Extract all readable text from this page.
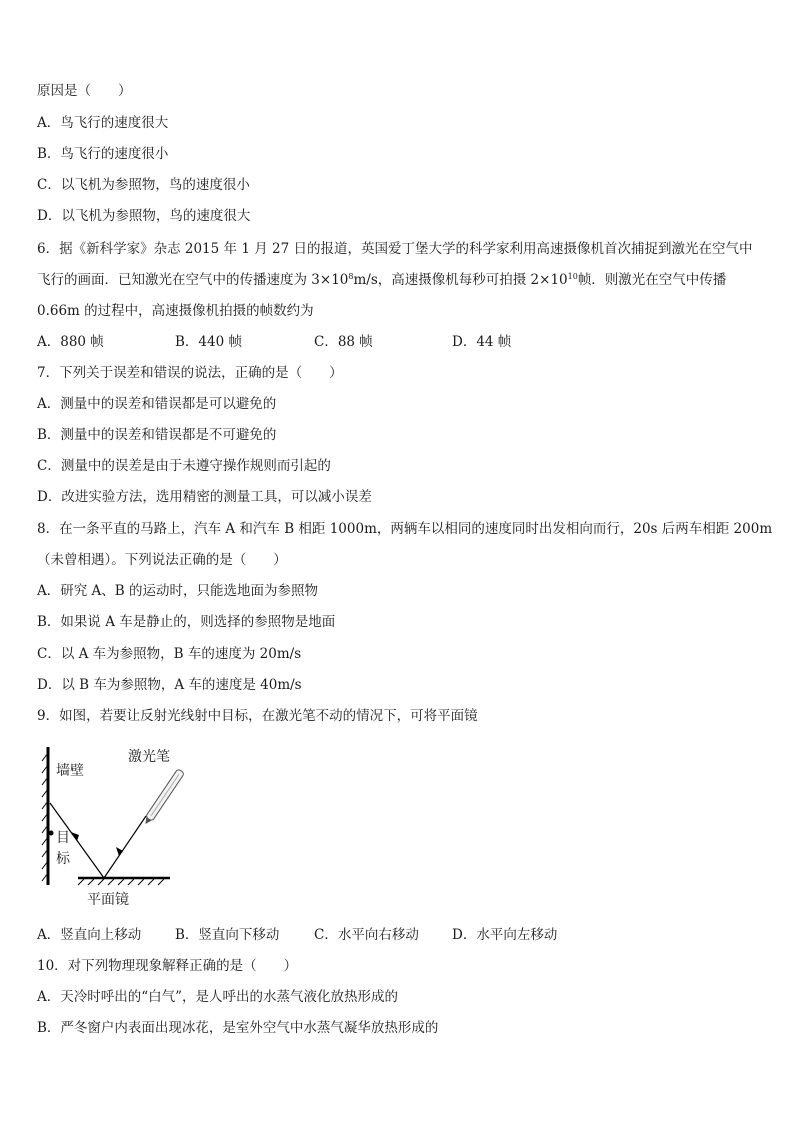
原因是（　　）
A．鸟飞行的速度很大
B．鸟飞行的速度很小
C．以飞机为参照物，鸟的速度很小
D．以飞机为参照物，鸟的速度很大
6．据《新科学家》杂志 2015 年 1 月 27 日的报道，英国爱丁堡大学的科学家利用高速摄像机首次捕捉到激光在空气中
飞行的画面．已知激光在空气中的传播速度为 $3\times 10^8m/s$，高速摄像机每秒可拍摄 $2\times 10^{10}$帧．则激光在空气中传播
0.66m 的过程中，高速摄像机拍摄的帧数约为
A．880 帧	B．440 帧	C．88 帧	D．44 帧
7．下列关于误差和错误的说法，正确的是（　　）
A．测量中的误差和错误都是可以避免的
B．测量中的误差和错误都是不可避免的
C．测量中的误差是由于未遵守操作规则而引起的
D．改进实验方法，选用精密的测量工具，可以减小误差
8．在一条平直的马路上，汽车 A 和汽车 B 相距 1000m，两辆车以相同的速度同时出发相向而行，20s 后两车相距 200m
（未曾相遇）。下列说法正确的是（　　）
A．研究 A、B 的运动时，只能选地面为参照物
B．如果说 A 车是静止的，则选择的参照物是地面
C．以 A 车为参照物，B 车的速度为 20m/s
D．以 B 车为参照物，A 车的速度是 40m/s
9．如图，若要让反射光线射中目标，在激光笔不动的情况下，可将平面镜
墙壁
激光笔
目
标
平面镜
A．竖直向上移动	B．竖直向下移动	C．水平向右移动 D．水平向左移动
10．对下列物理现象解释正确的是（　　）
A．天冷时呼出的“白气”，是人呼出的水蒸气液化放热形成的
B．严冬窗户内表面出现冰花，是室外空气中水蒸气凝华放热形成的
